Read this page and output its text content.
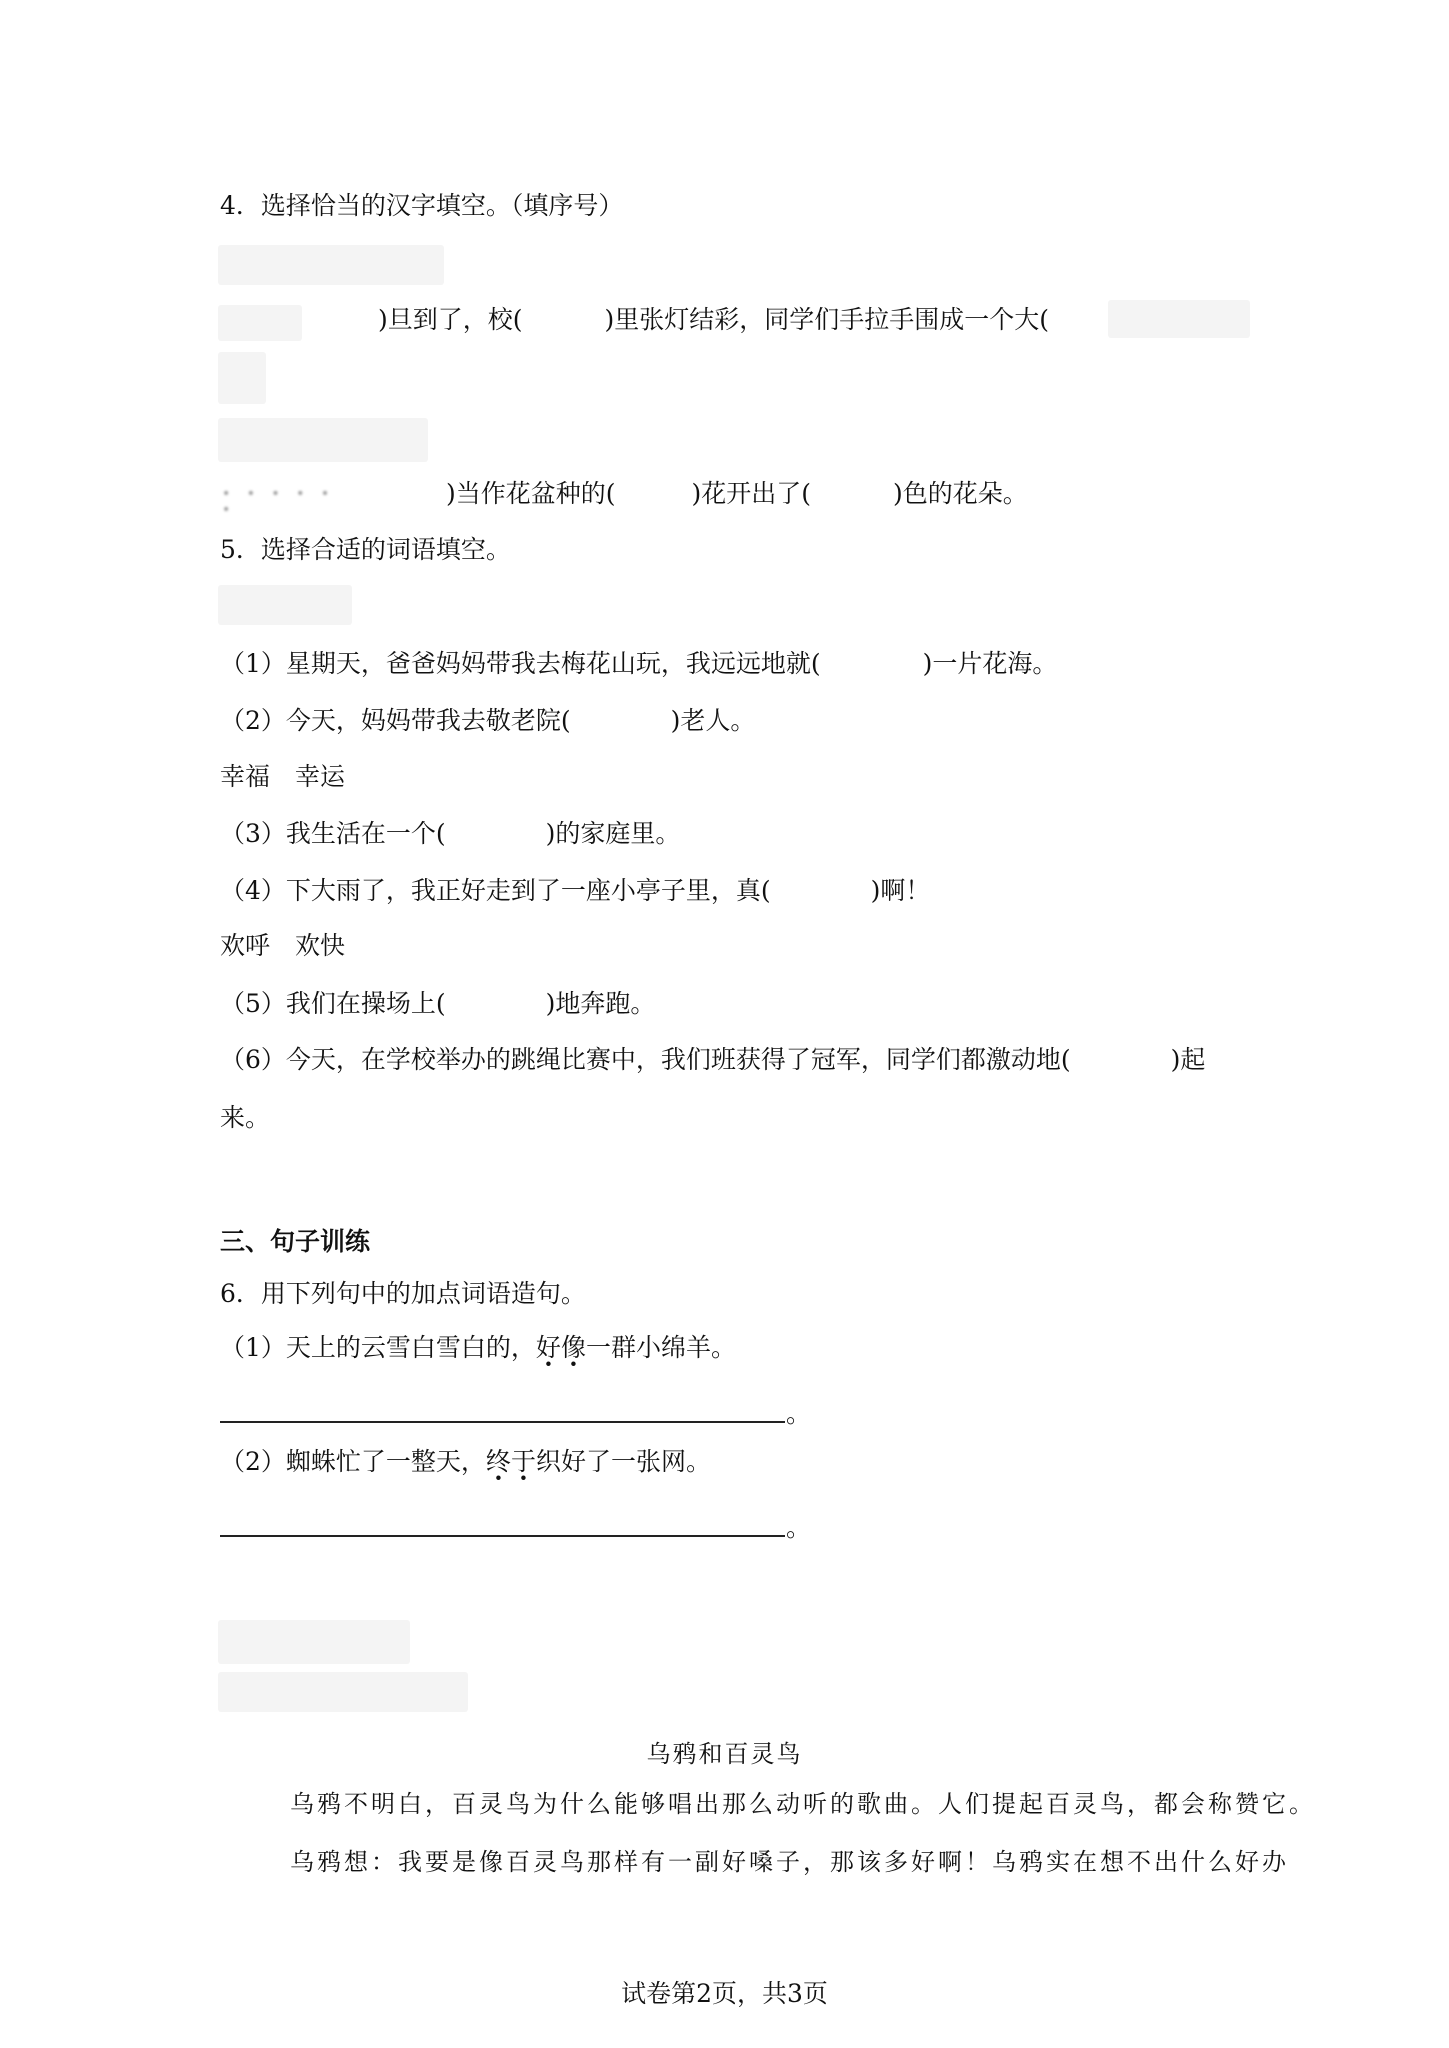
4．选择恰当的汉字填空。（填序号）
)旦到了，校(	)里张灯结彩，同学们手拉手围成一个大(
• • • • • •
)当作花盆种的(	)花开出了(	)色的花朵。
5．选择合适的词语填空。
（1）星期天，爸爸妈妈带我去梅花山玩，我远远地就(	)一片花海。
（2）今天，妈妈带我去敬老院(	)老人。
幸福　幸运
（3）我生活在一个(	)的家庭里。
（4）下大雨了，我正好走到了一座小亭子里，真(	)啊！
欢呼　欢快
（5）我们在操场上(	)地奔跑。
（6）今天，在学校举办的跳绳比赛中，我们班获得了冠军，同学们都激动地(	)起
来。
三、句子训练
6．用下列句中的加点词语造句。
（1）天上的云雪白雪白的，好像一群小绵羊。
。
（2）蜘蛛忙了一整天，终于织好了一张网。
。
乌鸦和百灵鸟
乌鸦不明白，百灵鸟为什么能够唱出那么动听的歌曲。人们提起百灵鸟，都会称赞它。
乌鸦想：我要是像百灵鸟那样有一副好嗓子，那该多好啊！乌鸦实在想不出什么好办
试卷第2页，共3页
